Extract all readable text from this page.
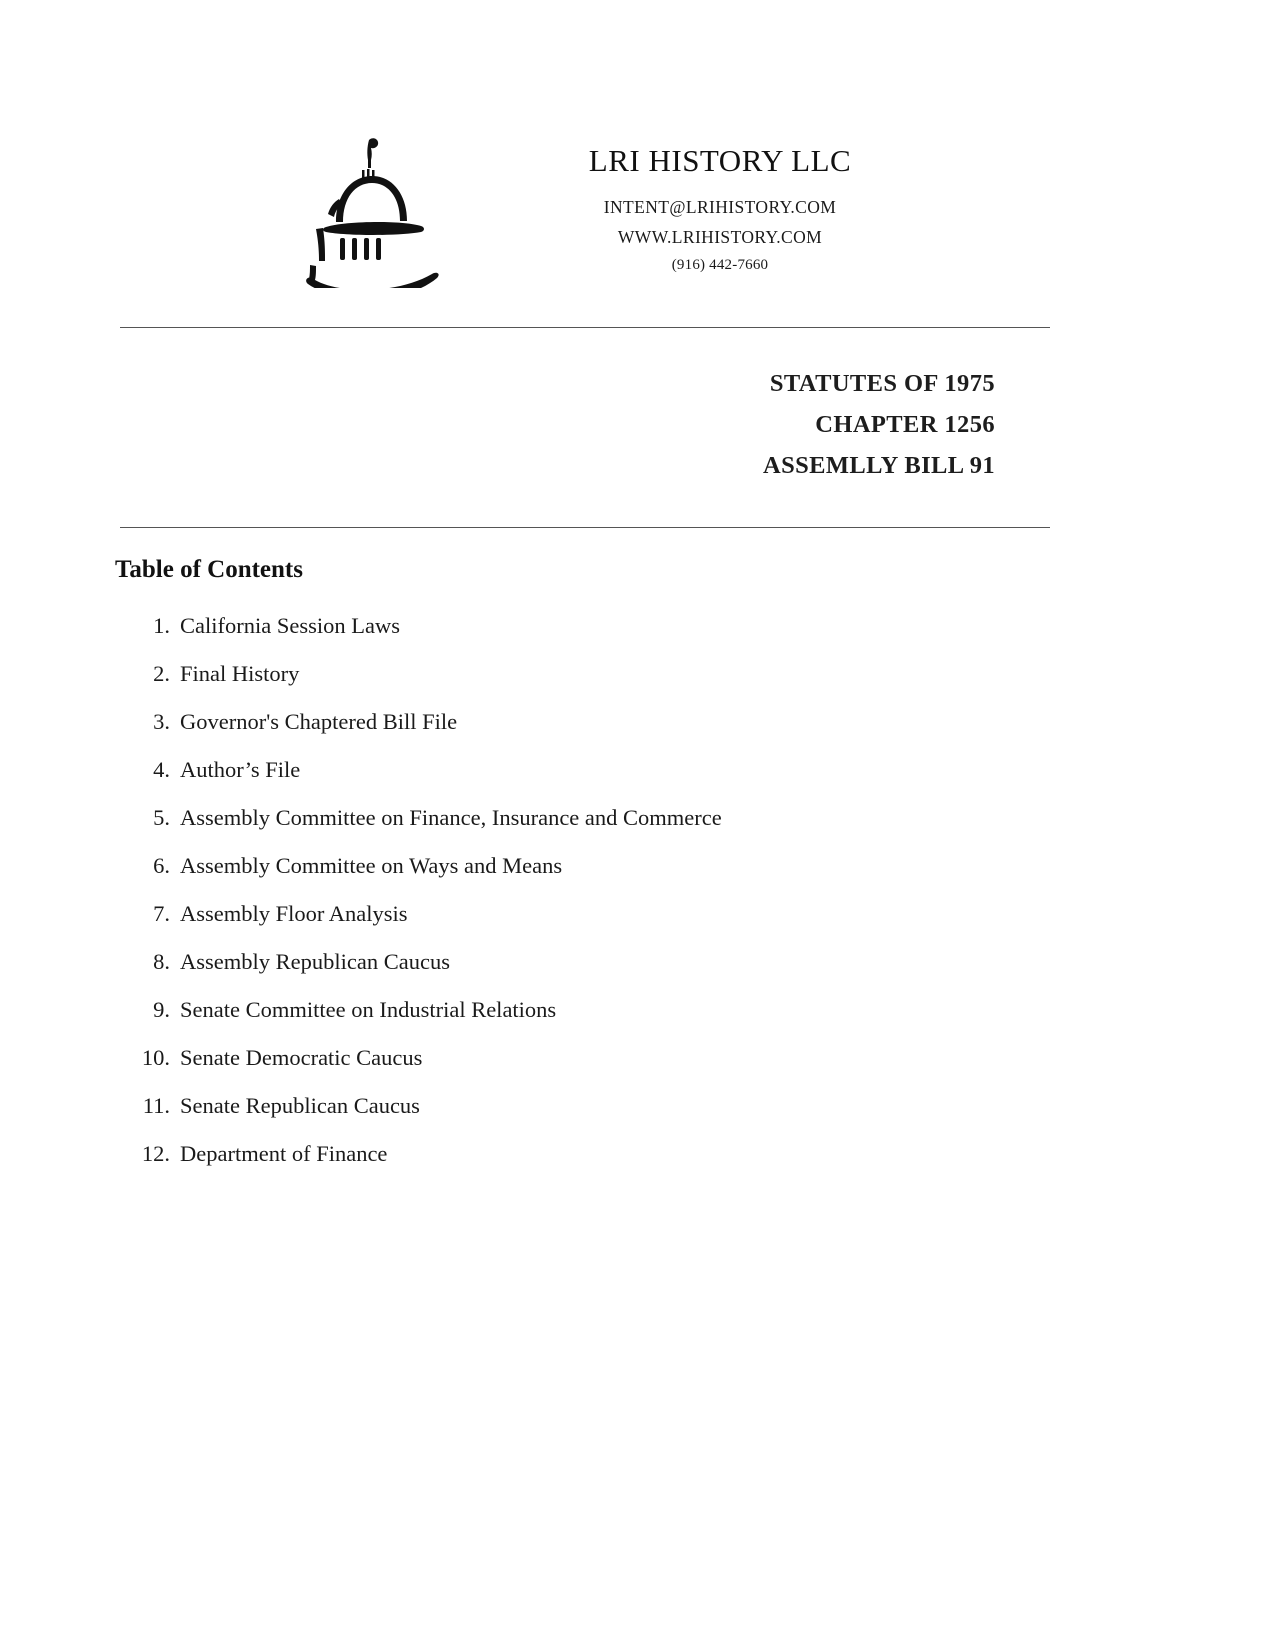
LRI HISTORY LLC
INTENT@LRIHISTORY.COM
WWW.LRIHISTORY.COM
(916) 442-7660
STATUTES OF 1975
CHAPTER 1256
ASSEMLLY BILL 91
Table of Contents
1. California Session Laws
2. Final History
3. Governor's Chaptered Bill File
4. Author’s File
5. Assembly Committee on Finance, Insurance and Commerce
6. Assembly Committee on Ways and Means
7. Assembly Floor Analysis
8. Assembly Republican Caucus
9. Senate Committee on Industrial Relations
10. Senate Democratic Caucus
11. Senate Republican Caucus
12. Department of Finance
